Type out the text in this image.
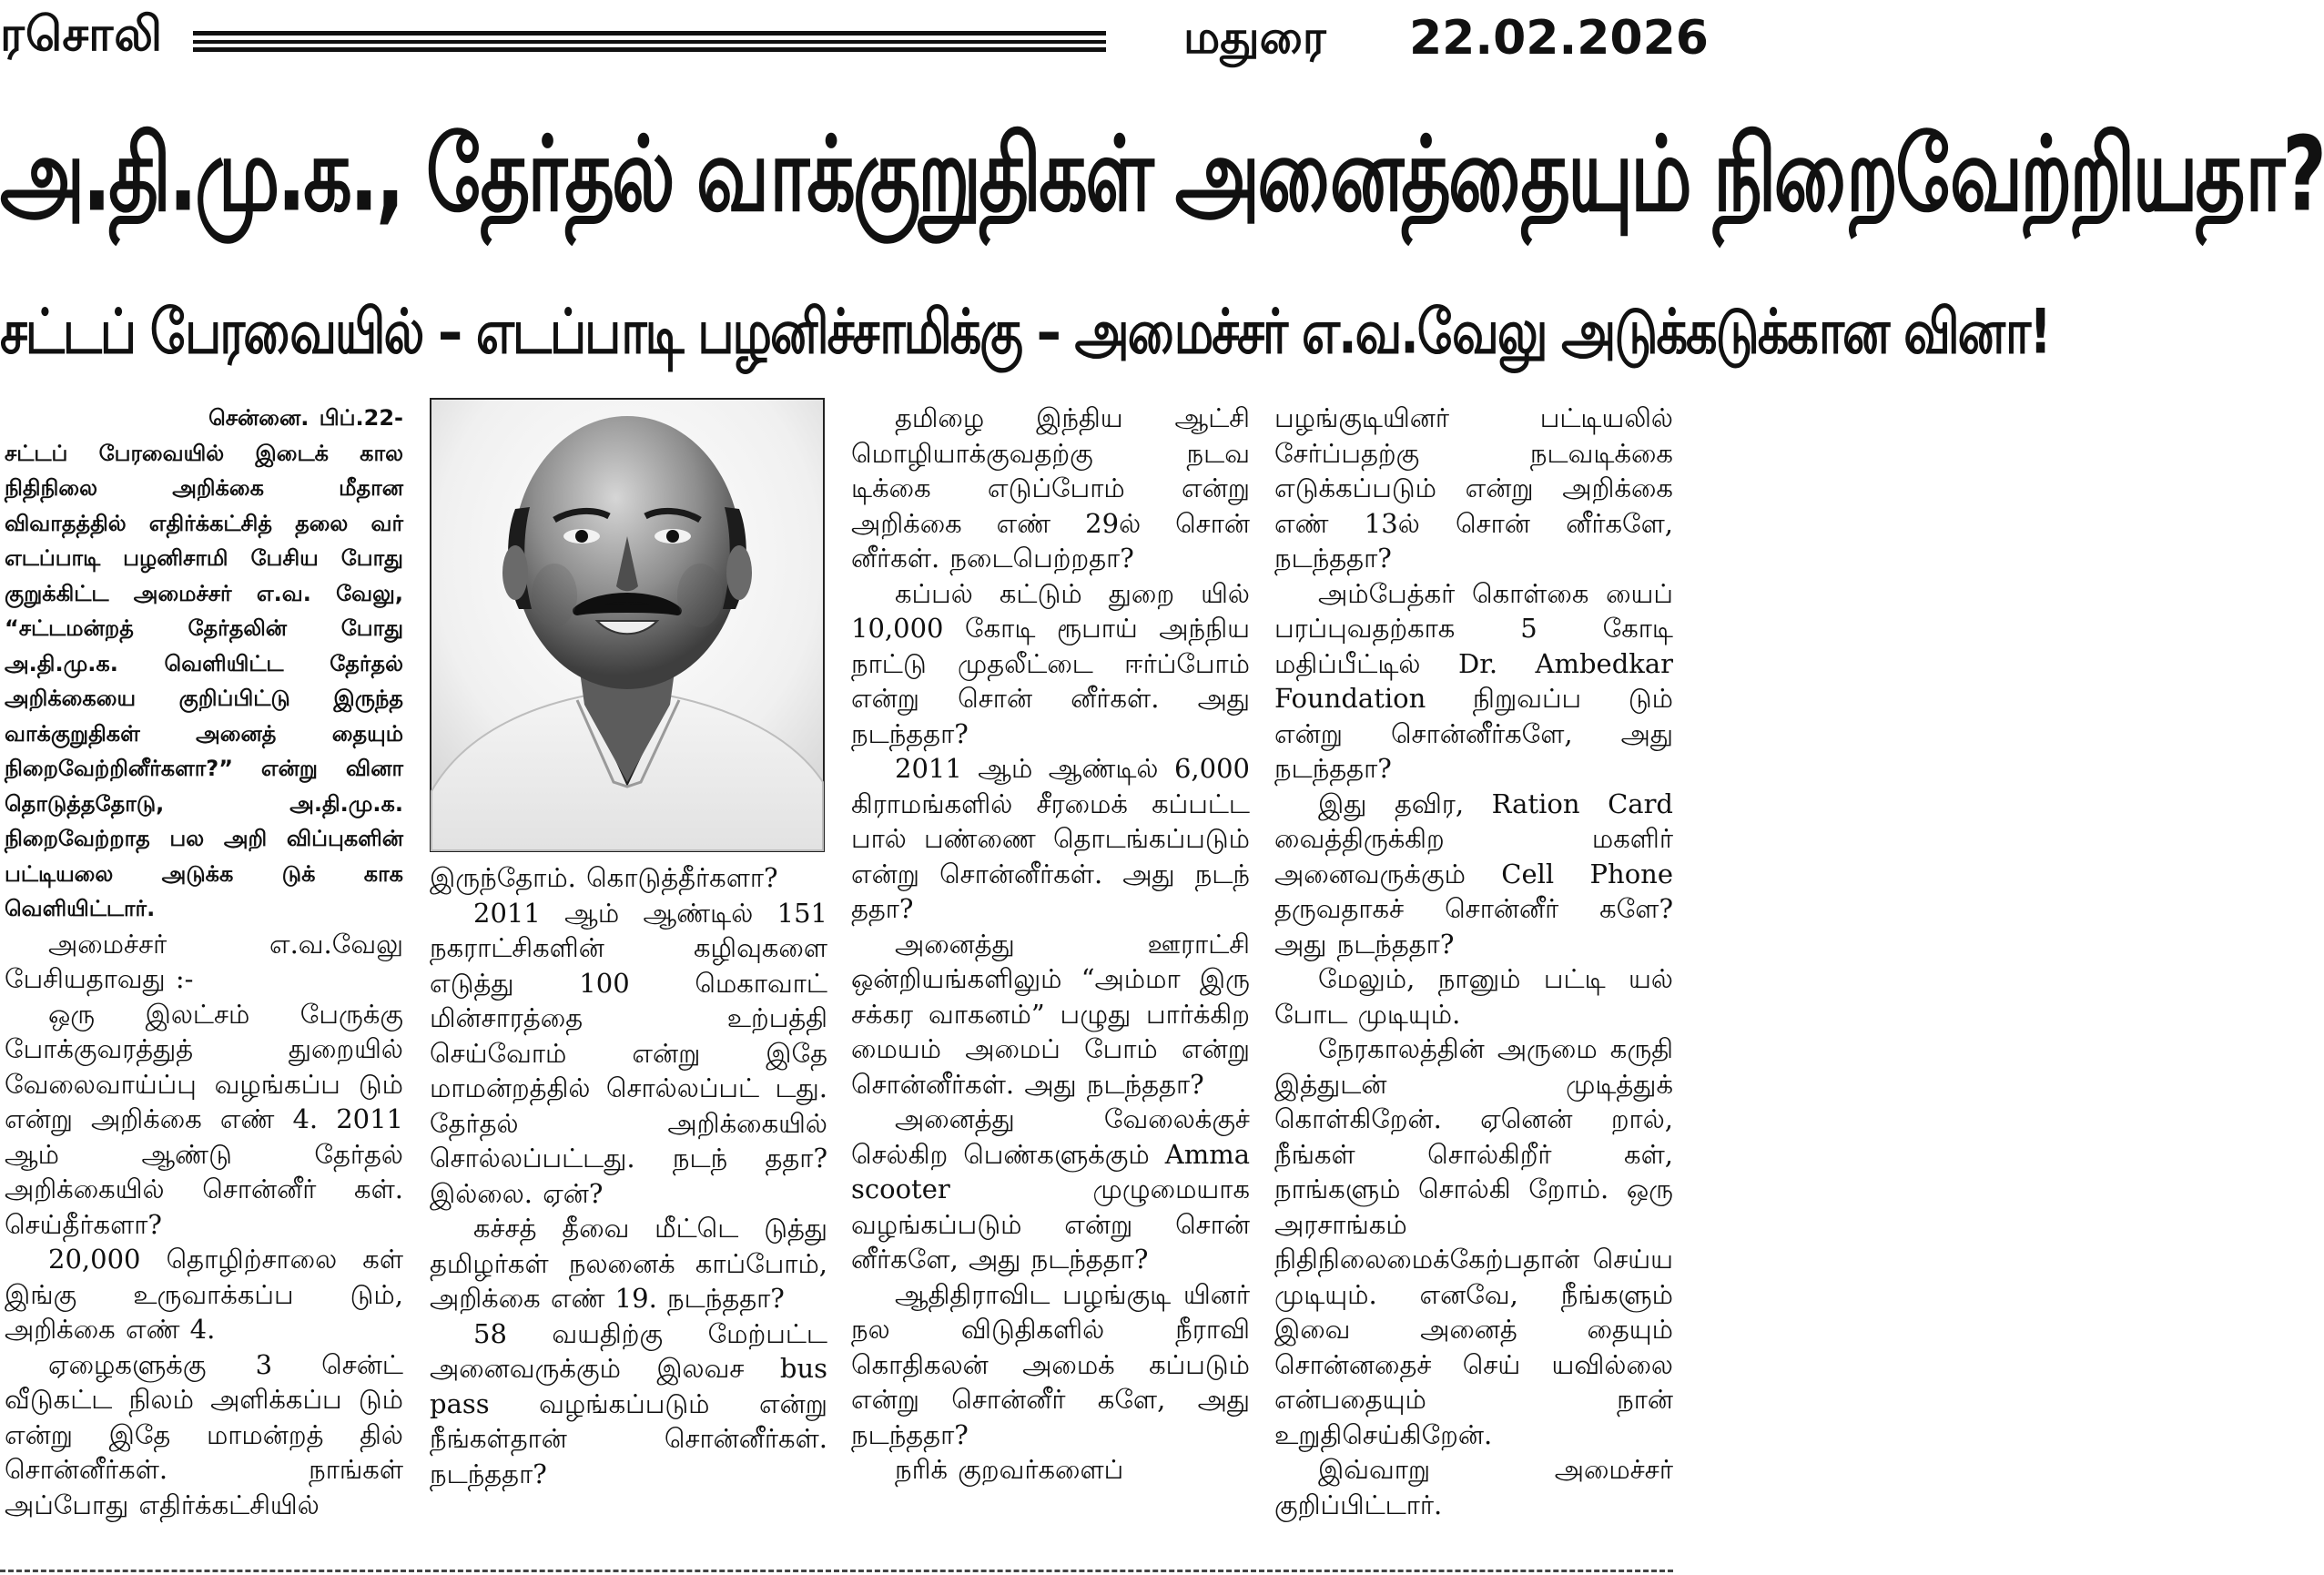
ரசொலி	மதுரை 22.02.2026
அ.தி.மு.க., தேர்தல் வாக்குறுதிகள் அனைத்தையும் நிறைவேற்றியதா?
சட்டப் பேரவையில் – எடப்பாடி பழனிச்சாமிக்கு – அமைச்சர் எ.வ.வேலு அடுக்கடுக்கான வினா!

சென்னை. பிப்.22-

சட்டப் பேரவையில் இடைக் கால நிதிநிலை அறிக்கை மீதான விவாதத்தில் எதிர்க்கட்சித் தலை வர் எடப்பாடி பழனிசாமி பேசிய போது குறுக்கிட்ட அமைச்சர் எ.வ. வேலு, “சட்டமன்றத் தேர்தலின் போது அ.தி.மு.க. வெளியிட்ட தேர்தல் அறிக்கையை குறிப்பிட்டு இருந்த வாக்குறுதிகள் அனைத் தையும் நிறைவேற்றினீர்களா?” என்று வினா தொடுத்ததோடு, அ.தி.மு.க. நிறைவேற்றாத பல அறி விப்புகளின் பட்டியலை அடுக்க டுக் காக வெளியிட்டார்.

அமைச்சர் எ.வ.வேலு பேசியதாவது :-

ஒரு இலட்சம் பேருக்கு போக்குவரத்துத் துறையில் வேலைவாய்ப்பு வழங்கப்ப டும் என்று அறிக்கை எண் 4. 2011 ஆம் ஆண்டு தேர்தல் அறிக்கையில் சொன்னீர் கள். செய்தீர்களா?

20,000 தொழிற்சாலை கள் இங்கு உருவாக்கப்ப டும், அறிக்கை எண் 4.

ஏழைகளுக்கு 3 சென்ட் வீடுகட்ட நிலம் அளிக்கப்ப டும் என்று இதே மாமன்றத் தில் சொன்னீர்கள். நாங்கள் அப்போது எதிர்க்கட்சியில்

இருந்தோம். கொடுத்தீர்களா?

2011 ஆம் ஆண்டில் 151 நகராட்சிகளின் கழிவுகளை எடுத்து 100 மெகாவாட் மின்சாரத்தை உற்பத்தி செய்வோம் என்று இதே மாமன்றத்தில் சொல்லப்பட் டது. தேர்தல் அறிக்கையில் சொல்லப்பட்டது. நடந் ததா? இல்லை. ஏன்?

கச்சத் தீவை மீட்டெ டுத்து தமிழர்கள் நலனைக் காப்போம், அறிக்கை எண் 19. நடந்ததா?

58 வயதிற்கு மேற்பட்ட அனைவருக்கும் இலவச bus pass வழங்கப்படும் என்று நீங்கள்தான் சொன்னீர்கள். நடந்ததா?

தமிழை இந்திய ஆட்சி மொழியாக்குவதற்கு நடவ டிக்கை எடுப்போம் என்று அறிக்கை எண் 29ல் சொன் னீர்கள். நடைபெற்றதா?

கப்பல் கட்டும் துறை யில் 10,000 கோடி ரூபாய் அந்நிய நாட்டு முதலீட்டை ஈர்ப்போம் என்று சொன் னீர்கள். அது நடந்ததா?

2011 ஆம் ஆண்டில் 6,000 கிராமங்களில் சீரமைக் கப்பட்ட பால் பண்ணை தொடங்கப்படும் என்று சொன்னீர்கள். அது நடந் ததா?

அனைத்து ஊராட்சி ஒன்றியங்களிலும் “அம்மா இரு சக்கர வாகனம்” பழுது பார்க்கிற மையம் அமைப் போம் என்று சொன்னீர்கள். அது நடந்ததா?

அனைத்து வேலைக்குச் செல்கிற பெண்களுக்கும் Amma scooter முழுமையாக வழங்கப்படும் என்று சொன் னீர்களே, அது நடந்ததா?

ஆதிதிராவிட பழங்குடி யினர் நல விடுதிகளில் நீராவி கொதிகலன் அமைக் கப்படும் என்று சொன்னீர் களே, அது நடந்ததா?

நரிக் குறவர்களைப்

பழங்குடியினர் பட்டியலில் சேர்ப்பதற்கு நடவடிக்கை எடுக்கப்படும் என்று அறிக்கை எண் 13ல் சொன் னீர்களே, நடந்ததா?

அம்பேத்கர் கொள்கை யைப் பரப்புவதற்காக 5 கோடி மதிப்பீட்டில் Dr. Ambedkar Foundation நிறுவப்ப டும் என்று சொன்னீர்களே, அது நடந்ததா?

இது தவிர, Ration Card வைத்திருக்கிற மகளிர் அனைவருக்கும் Cell Phone தருவதாகச் சொன்னீர் களே? அது நடந்ததா?

மேலும், நானும் பட்டி யல் போட முடியும்.

நேரகாலத்தின் அருமை கருதி இத்துடன் முடித்துக் கொள்கிறேன். ஏனென் றால், நீங்கள் சொல்கிறீர் கள், நாங்களும் சொல்கி றோம். ஒரு அரசாங்கம் நிதிநிலைமைக்கேற்பதான் செய்ய முடியும். எனவே, நீங்களும் இவை அனைத் தையும் சொன்னதைச் செய் யவில்லை என்பதையும் நான் உறுதிசெய்கிறேன்.

இவ்வாறு அமைச்சர் குறிப்பிட்டார்.
